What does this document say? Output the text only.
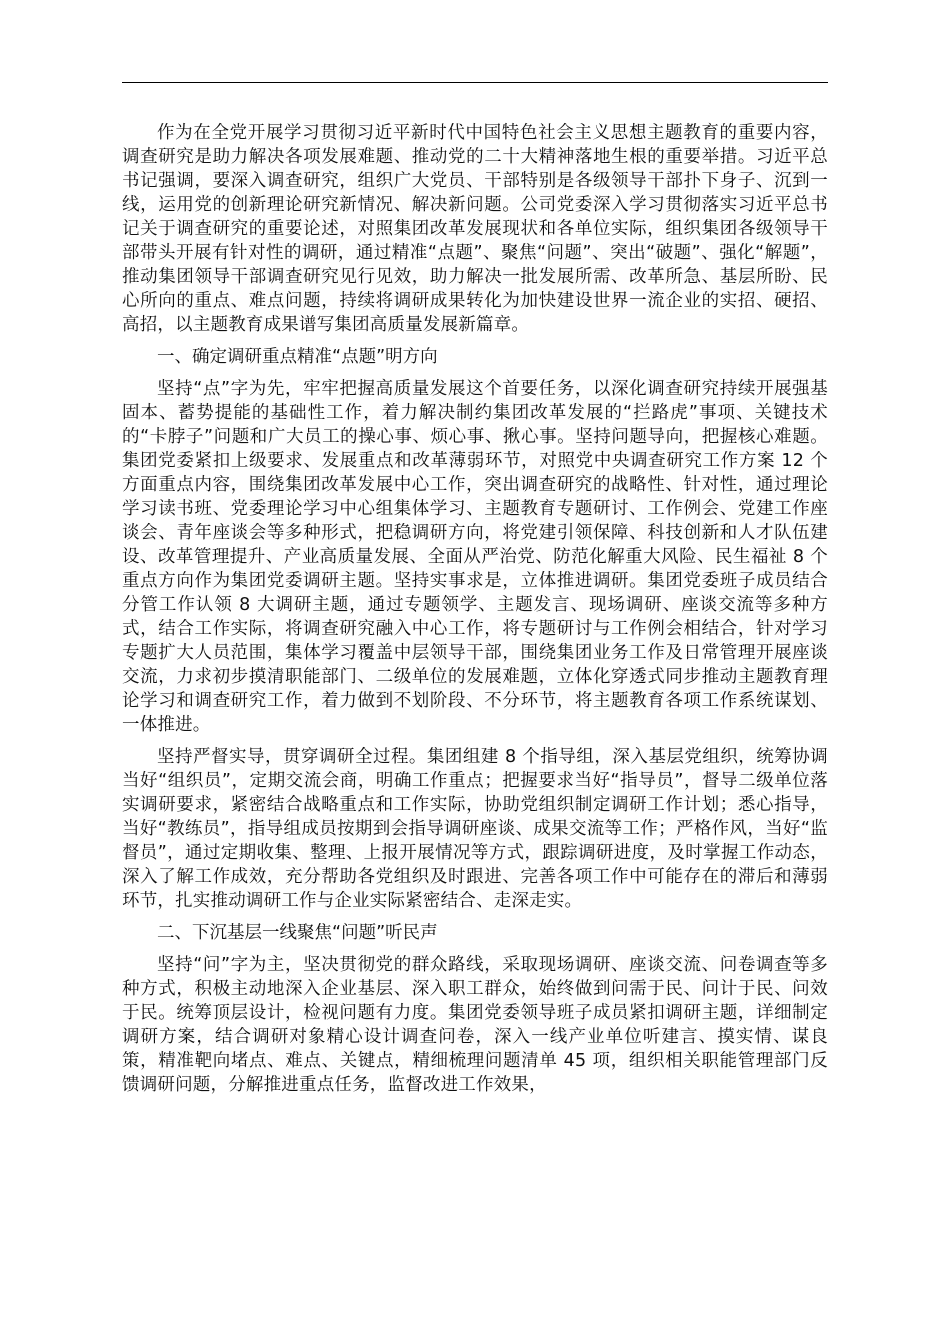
作为在全党开展学习贯彻习近平新时代中国特色社会主义思想主题教育的重要内容，调查研究是助力解决各项发展难题、推动党的二十大精神落地生根的重要举措。习近平总书记强调，要深入调查研究，组织广大党员、干部特别是各级领导干部扑下身子、沉到一线，运用党的创新理论研究新情况、解决新问题。公司党委深入学习贯彻落实习近平总书记关于调查研究的重要论述，对照集团改革发展现状和各单位实际，组织集团各级领导干部带头开展有针对性的调研，通过精准“点题”、聚焦“问题”、突出“破题”、强化“解题”，推动集团领导干部调查研究见行见效，助力解决一批发展所需、改革所急、基层所盼、民心所向的重点、难点问题，持续将调研成果转化为加快建设世界一流企业的实招、硬招、高招，以主题教育成果谱写集团高质量发展新篇章。

一、确定调研重点精准“点题”明方向

坚持“点”字为先，牢牢把握高质量发展这个首要任务，以深化调查研究持续开展强基固本、蓄势提能的基础性工作，着力解决制约集团改革发展的“拦路虎”事项、关键技术的“卡脖子”问题和广大员工的操心事、烦心事、揪心事。坚持问题导向，把握核心难题。集团党委紧扣上级要求、发展重点和改革薄弱环节，对照党中央调查研究工作方案 12 个方面重点内容，围绕集团改革发展中心工作，突出调查研究的战略性、针对性，通过理论学习读书班、党委理论学习中心组集体学习、主题教育专题研讨、工作例会、党建工作座谈会、青年座谈会等多种形式，把稳调研方向，将党建引领保障、科技创新和人才队伍建设、改革管理提升、产业高质量发展、全面从严治党、防范化解重大风险、民生福祉 8 个重点方向作为集团党委调研主题。坚持实事求是，立体推进调研。集团党委班子成员结合分管工作认领 8 大调研主题，通过专题领学、主题发言、现场调研、座谈交流等多种方式，结合工作实际，将调查研究融入中心工作，将专题研讨与工作例会相结合，针对学习专题扩大人员范围，集体学习覆盖中层领导干部，围绕集团业务工作及日常管理开展座谈交流，力求初步摸清职能部门、二级单位的发展难题，立体化穿透式同步推动主题教育理论学习和调查研究工作，着力做到不划阶段、不分环节，将主题教育各项工作系统谋划、一体推进。

坚持严督实导，贯穿调研全过程。集团组建 8 个指导组，深入基层党组织，统筹协调当好“组织员”，定期交流会商，明确工作重点；把握要求当好“指导员”，督导二级单位落实调研要求，紧密结合战略重点和工作实际，协助党组织制定调研工作计划；悉心指导，当好“教练员”，指导组成员按期到会指导调研座谈、成果交流等工作；严格作风，当好“监督员”，通过定期收集、整理、上报开展情况等方式，跟踪调研进度，及时掌握工作动态，深入了解工作成效，充分帮助各党组织及时跟进、完善各项工作中可能存在的滞后和薄弱环节，扎实推动调研工作与企业实际紧密结合、走深走实。

二、下沉基层一线聚焦“问题”听民声

坚持“问”字为主，坚决贯彻党的群众路线，采取现场调研、座谈交流、问卷调查等多种方式，积极主动地深入企业基层、深入职工群众，始终做到问需于民、问计于民、问效于民。统筹顶层设计，检视问题有力度。集团党委领导班子成员紧扣调研主题，详细制定调研方案，结合调研对象精心设计调查问卷，深入一线产业单位听建言、摸实情、谋良策，精准靶向堵点、难点、关键点，精细梳理问题清单 45 项，组织相关职能管理部门反馈调研问题，分解推进重点任务，监督改进工作效果，
